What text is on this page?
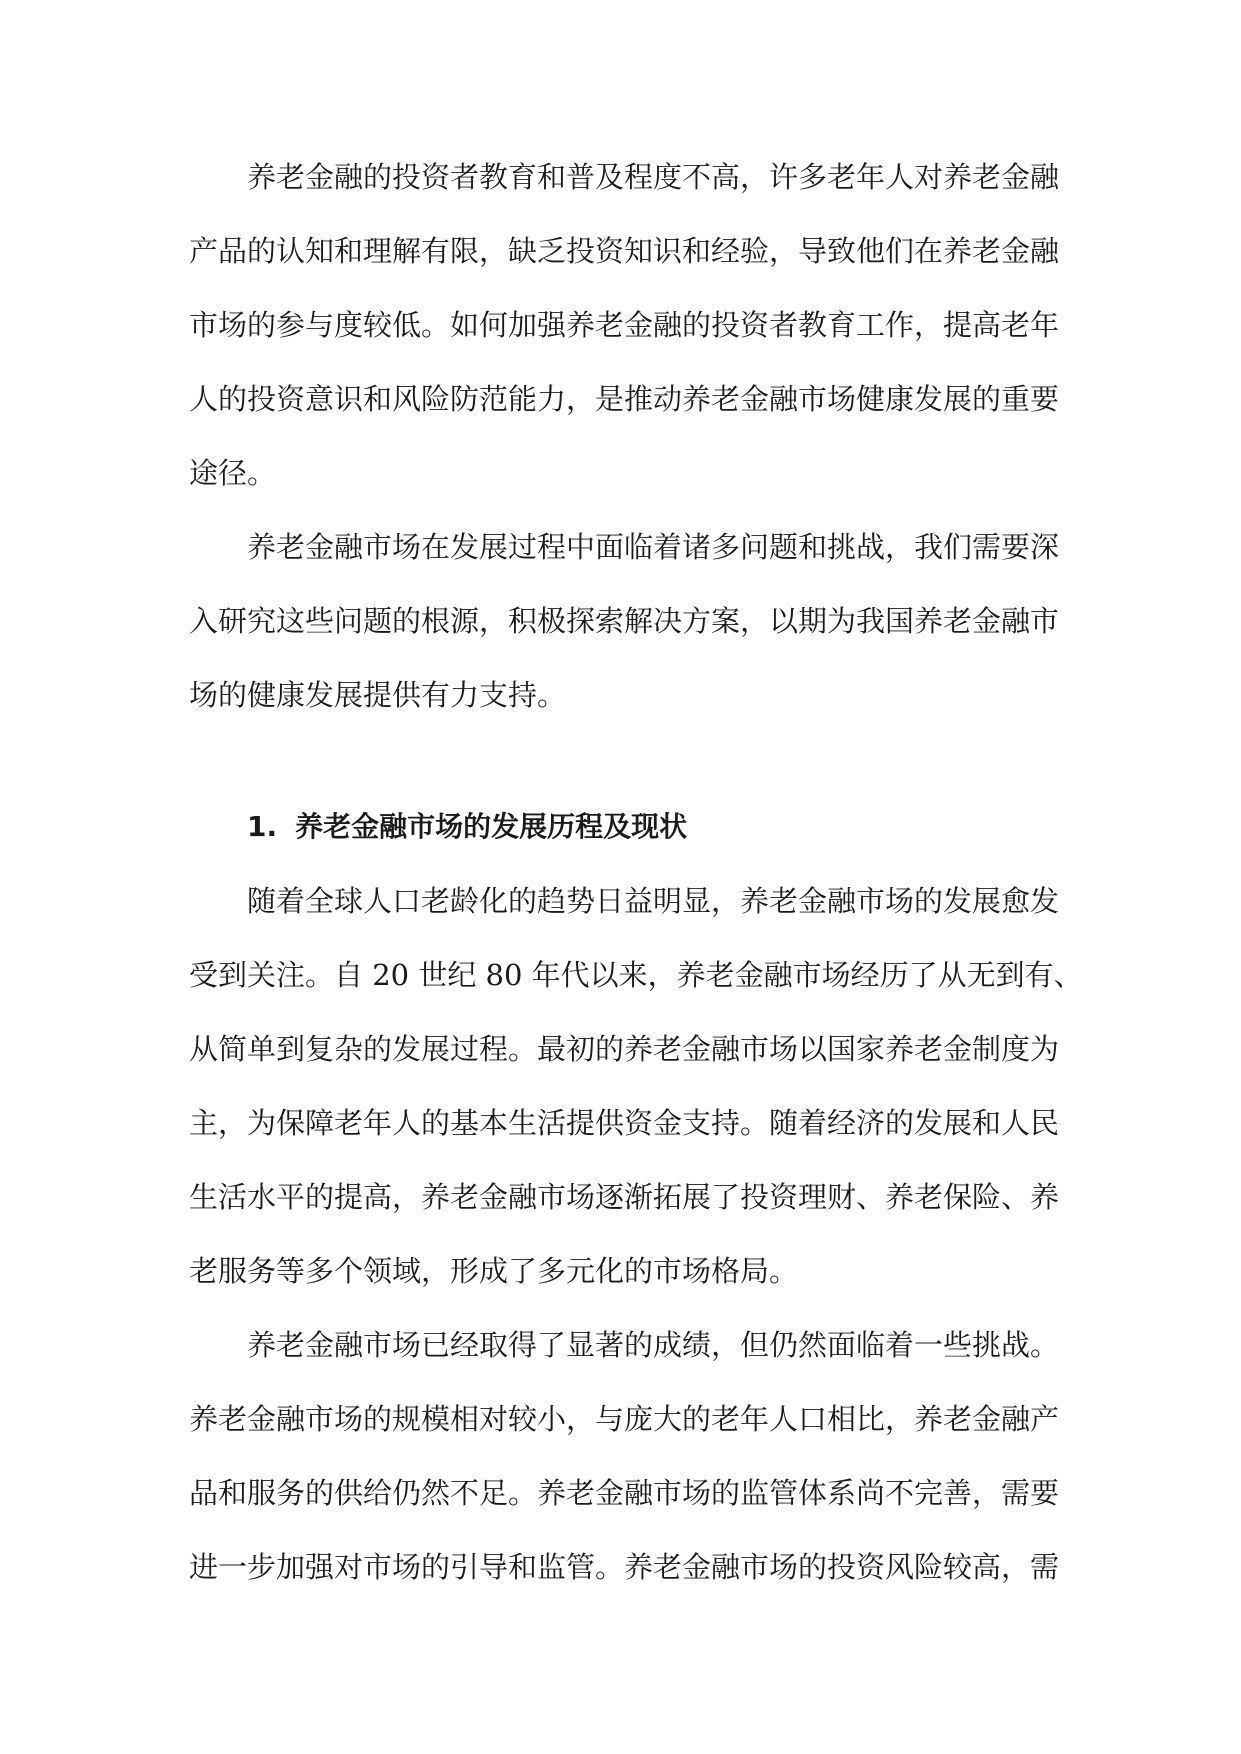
养老金融的投资者教育和普及程度不高，许多老年人对养老金融
产品的认知和理解有限，缺乏投资知识和经验，导致他们在养老金融
市场的参与度较低。如何加强养老金融的投资者教育工作，提高老年
人的投资意识和风险防范能力，是推动养老金融市场健康发展的重要
途径。
养老金融市场在发展过程中面临着诸多问题和挑战，我们需要深
入研究这些问题的根源，积极探索解决方案，以期为我国养老金融市
场的健康发展提供有力支持。
1. 养老金融市场的发展历程及现状
随着全球人口老龄化的趋势日益明显，养老金融市场的发展愈发
受到关注。自 20 世纪 80 年代以来，养老金融市场经历了从无到有、
从简单到复杂的发展过程。最初的养老金融市场以国家养老金制度为
主，为保障老年人的基本生活提供资金支持。随着经济的发展和人民
生活水平的提高，养老金融市场逐渐拓展了投资理财、养老保险、养
老服务等多个领域，形成了多元化的市场格局。
养老金融市场已经取得了显著的成绩，但仍然面临着一些挑战。
养老金融市场的规模相对较小，与庞大的老年人口相比，养老金融产
品和服务的供给仍然不足。养老金融市场的监管体系尚不完善，需要
进一步加强对市场的引导和监管。养老金融市场的投资风险较高，需
